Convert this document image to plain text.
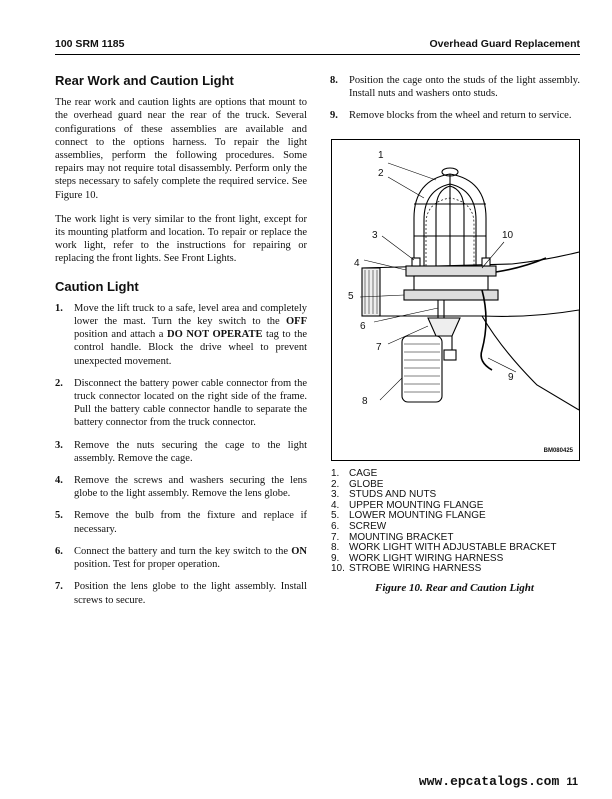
100 SRM 1185	Overhead Guard Replacement
Rear Work and Caution Light

The rear work and caution lights are options that mount to the overhead guard near the rear of the truck. Several configurations of these assemblies are available and connect to the options harness. To repair the light assemblies, perform the following procedures. Some repairs may not require total disassembly. Perform only the steps necessary to safely complete the required service. See Figure 10.

The work light is very similar to the front light, except for its mounting platform and location. To repair or replace the work light, refer to the instructions for repairing or replacing the front lights. See Front Lights.

Caution Light
1. Move the lift truck to a safe, level area and completely lower the mast. Turn the key switch to the OFF position and attach a DO NOT OPERATE tag to the control handle. Block the drive wheel to prevent unexpected movement.
2. Disconnect the battery power cable connector from the truck connector located on the right side of the frame. Pull the battery cable connector handle to separate the battery connector from the truck connector.
3. Remove the nuts securing the cage to the light assembly. Remove the cage.
4. Remove the screws and washers securing the lens globe to the light assembly. Remove the lens globe.
5. Remove the bulb from the fixture and replace if necessary.
6. Connect the battery and turn the key switch to the ON position. Test for proper operation.
7. Position the lens globe to the light assembly. Install screws to secure.
8. Position the cage onto the studs of the light assembly. Install nuts and washers onto studs.
9. Remove blocks from the wheel and return to service.
1
2
3
4
5
6
7
8
9
10
BM080425
1. CAGE
2. GLOBE
3. STUDS AND NUTS
4. UPPER MOUNTING FLANGE
5. LOWER MOUNTING FLANGE
6. SCREW
7. MOUNTING BRACKET
8. WORK LIGHT WITH ADJUSTABLE BRACKET
9. WORK LIGHT WIRING HARNESS
10. STROBE WIRING HARNESS
Figure 10. Rear and Caution Light
www.epcatalogs.com 11
